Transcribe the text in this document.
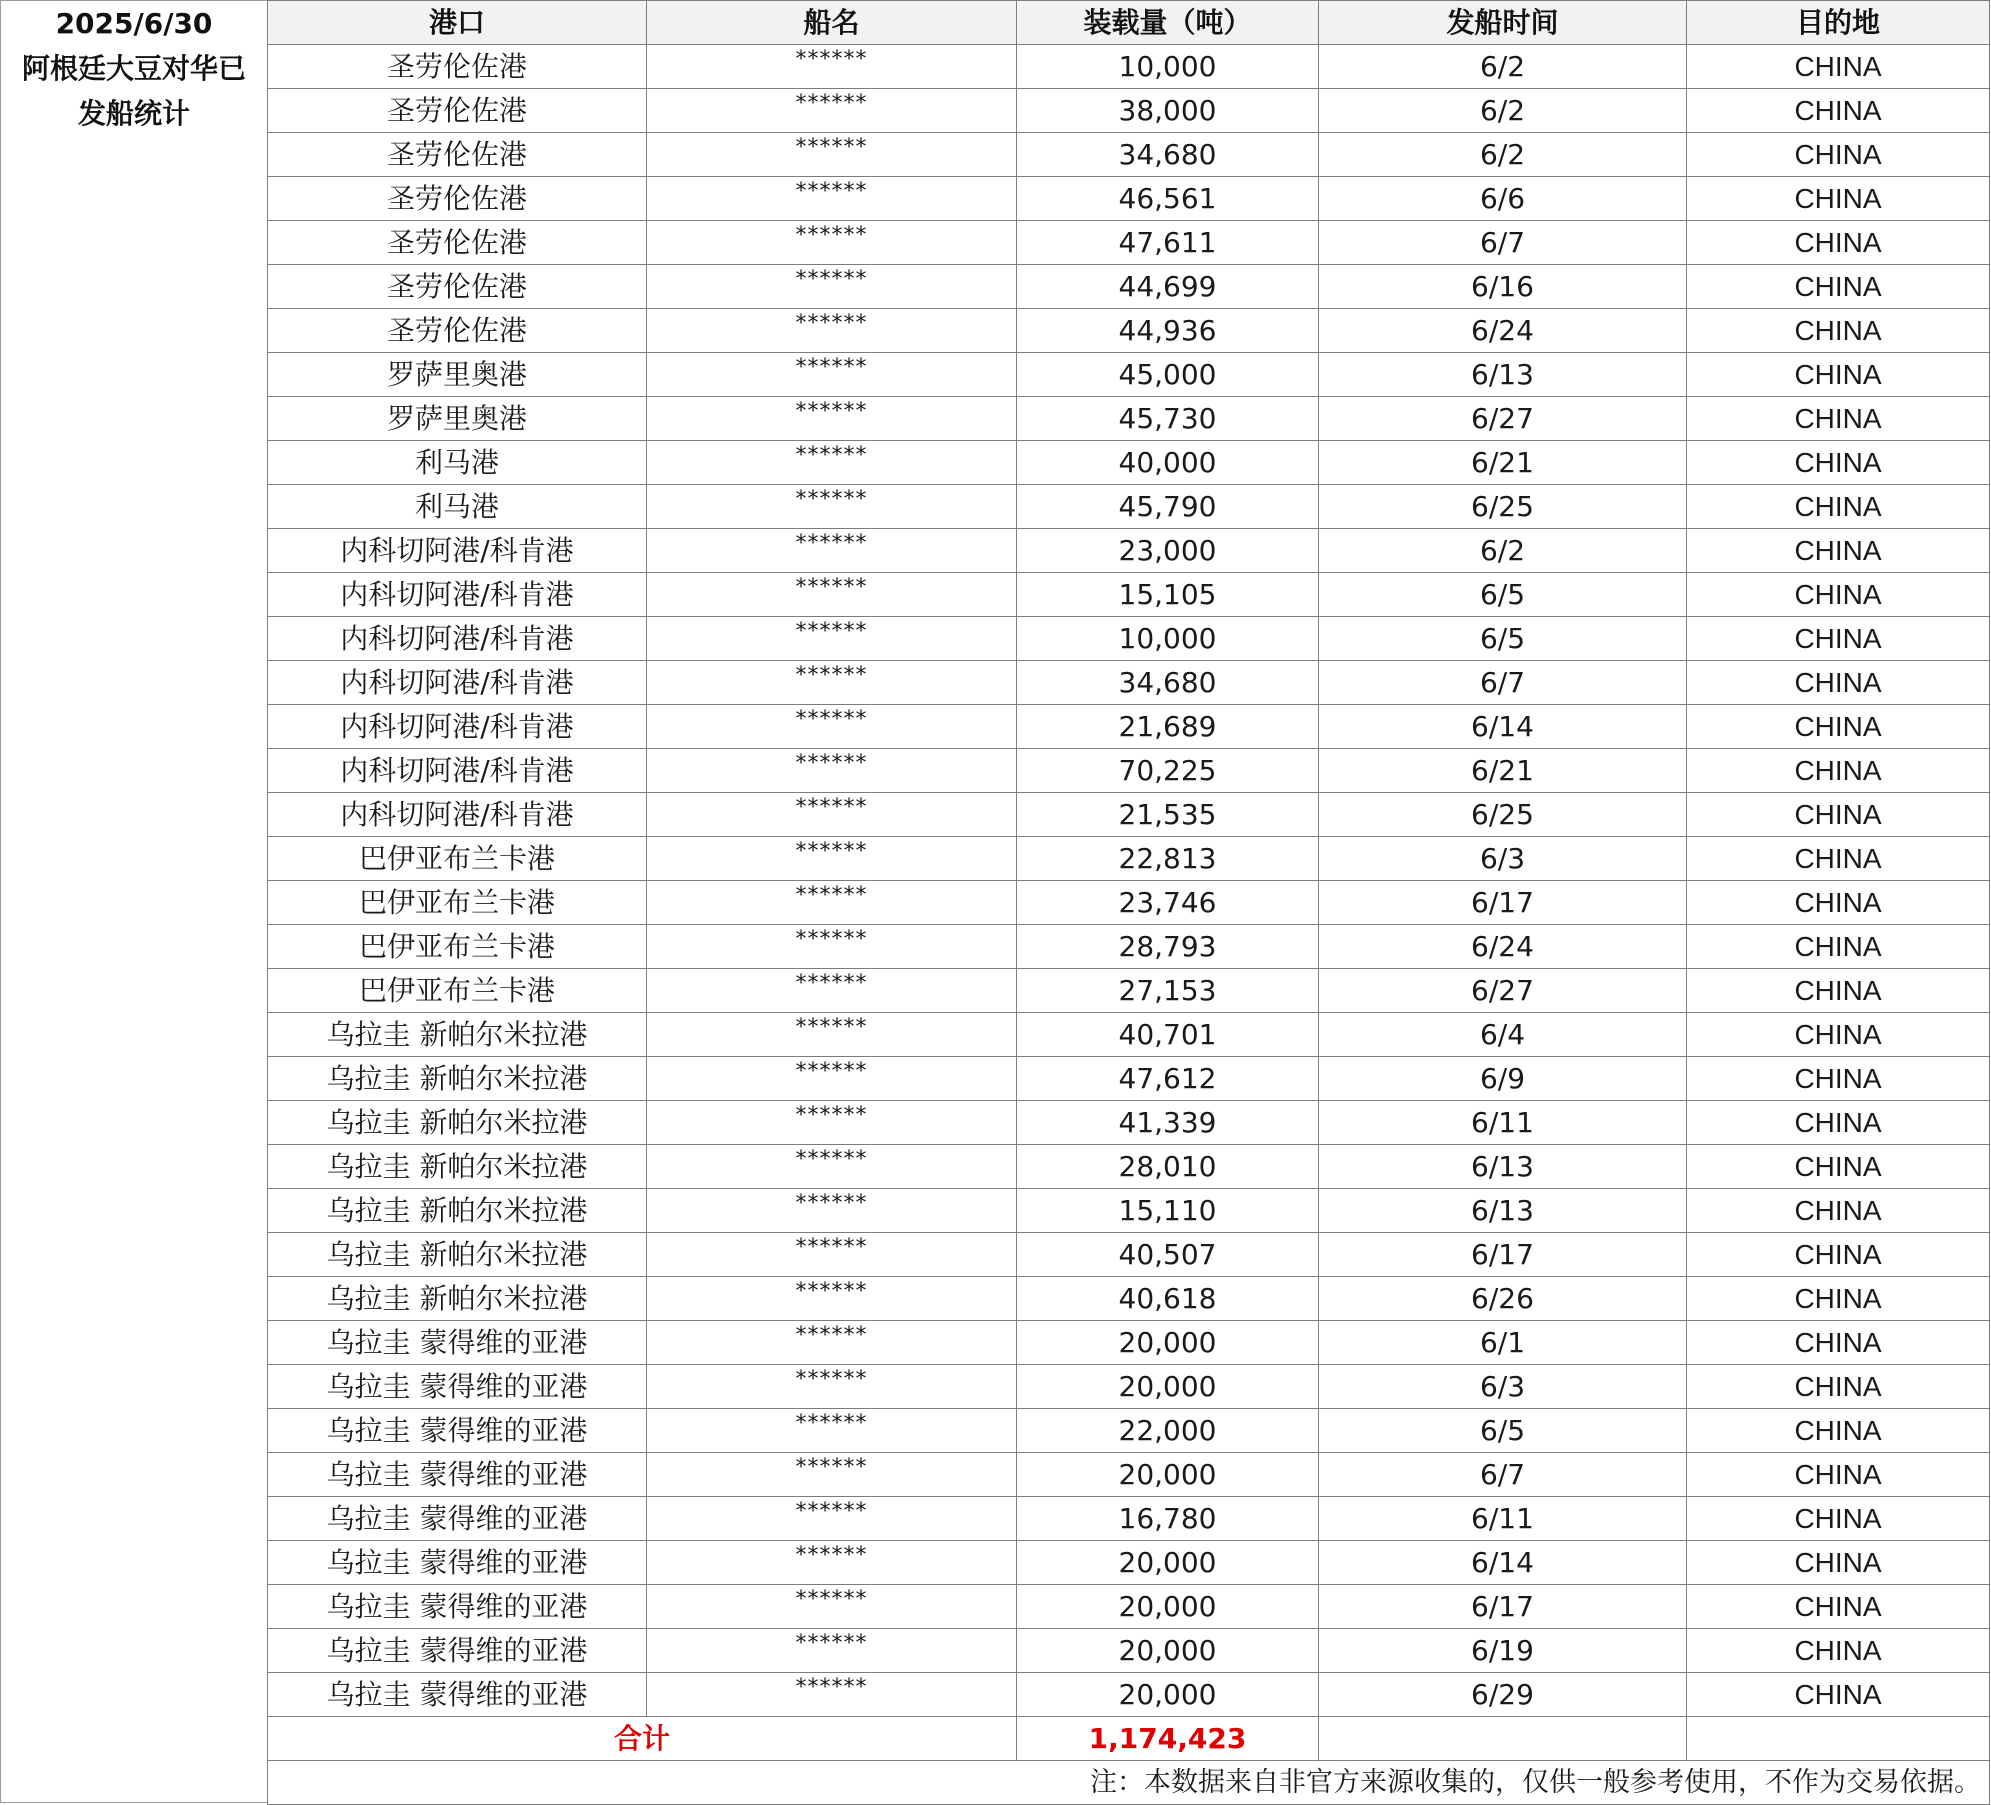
2025/6/30
阿根廷大豆对华已
发船统计
港口	船名	装载量（吨）	发船时间	目的地
圣劳伦佐港	******	10,000	6/2	CHINA
圣劳伦佐港	******	38,000	6/2	CHINA
圣劳伦佐港	******	34,680	6/2	CHINA
圣劳伦佐港	******	46,561	6/6	CHINA
圣劳伦佐港	******	47,611	6/7	CHINA
圣劳伦佐港	******	44,699	6/16	CHINA
圣劳伦佐港	******	44,936	6/24	CHINA
罗萨里奥港	******	45,000	6/13	CHINA
罗萨里奥港	******	45,730	6/27	CHINA
利马港	******	40,000	6/21	CHINA
利马港	******	45,790	6/25	CHINA
内科切阿港/科肯港	******	23,000	6/2	CHINA
内科切阿港/科肯港	******	15,105	6/5	CHINA
内科切阿港/科肯港	******	10,000	6/5	CHINA
内科切阿港/科肯港	******	34,680	6/7	CHINA
内科切阿港/科肯港	******	21,689	6/14	CHINA
内科切阿港/科肯港	******	70,225	6/21	CHINA
内科切阿港/科肯港	******	21,535	6/25	CHINA
巴伊亚布兰卡港	******	22,813	6/3	CHINA
巴伊亚布兰卡港	******	23,746	6/17	CHINA
巴伊亚布兰卡港	******	28,793	6/24	CHINA
巴伊亚布兰卡港	******	27,153	6/27	CHINA
乌拉圭 新帕尔米拉港	******	40,701	6/4	CHINA
乌拉圭 新帕尔米拉港	******	47,612	6/9	CHINA
乌拉圭 新帕尔米拉港	******	41,339	6/11	CHINA
乌拉圭 新帕尔米拉港	******	28,010	6/13	CHINA
乌拉圭 新帕尔米拉港	******	15,110	6/13	CHINA
乌拉圭 新帕尔米拉港	******	40,507	6/17	CHINA
乌拉圭 新帕尔米拉港	******	40,618	6/26	CHINA
乌拉圭 蒙得维的亚港	******	20,000	6/1	CHINA
乌拉圭 蒙得维的亚港	******	20,000	6/3	CHINA
乌拉圭 蒙得维的亚港	******	22,000	6/5	CHINA
乌拉圭 蒙得维的亚港	******	20,000	6/7	CHINA
乌拉圭 蒙得维的亚港	******	16,780	6/11	CHINA
乌拉圭 蒙得维的亚港	******	20,000	6/14	CHINA
乌拉圭 蒙得维的亚港	******	20,000	6/17	CHINA
乌拉圭 蒙得维的亚港	******	20,000	6/19	CHINA
乌拉圭 蒙得维的亚港	******	20,000	6/29	CHINA
合计		1,174,423		
注：本数据来自非官方来源收集的，仅供一般参考使用，不作为交易依据。				
